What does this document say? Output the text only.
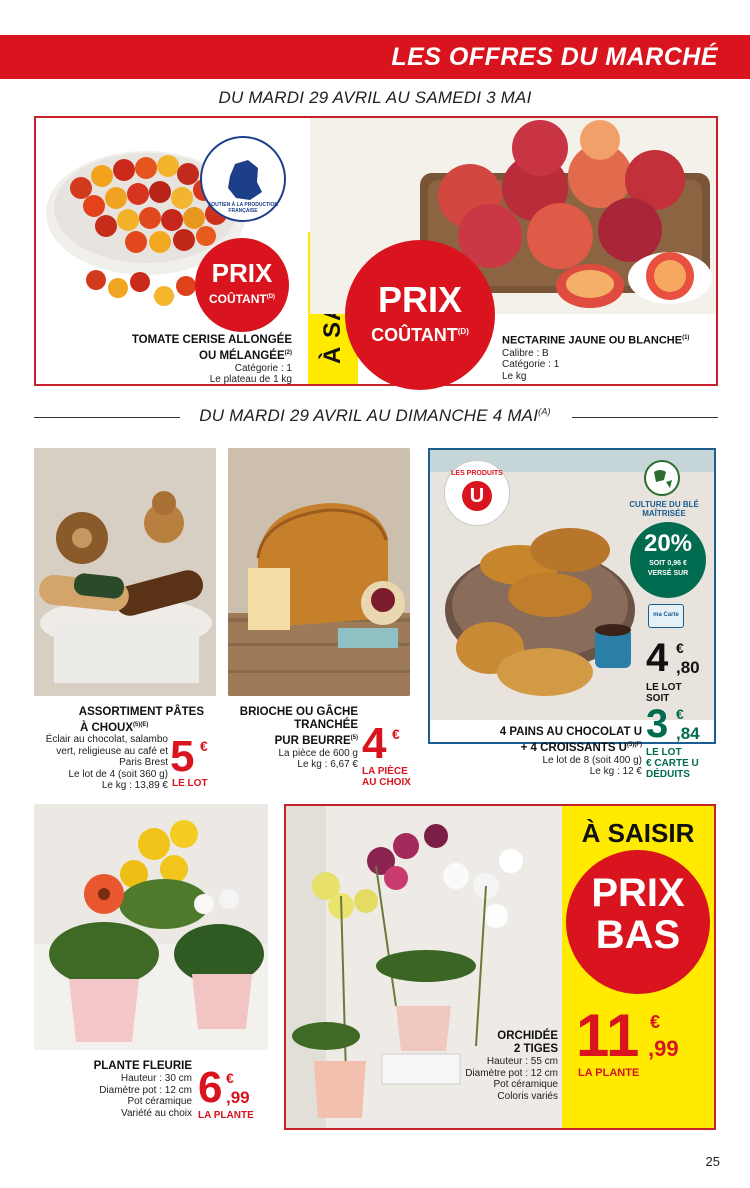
LES OFFRES DU MARCHÉ
DU MARDI 29 AVRIL AU SAMEDI 3 MAI
SOUTIEN À LA PRODUCTION FRANÇAISE
PRIX
$COÛTANT^{(D)}$
TOMATE CERISE ALLONGÉE
OU MÉLANGÉE$^{(2)}$
Catégorie : 1
Le plateau de 1 kg
PRIX
$COÛTANT^{(D)}$
NECTARINE JAUNE OU BLANCHE$^{(1)}$
Calibre : B
Catégorie : 1
Le kg
DU MARDI 29 AVRIL AU DIMANCHE 4 $MAI^{(A)}$
ASSORTIMENT PÂTES
À $CHOUX^{(5)(E)}$
Éclair au chocolat, salambo
vert, religieuse au café et
Paris Brest
Le lot de 4 (soit 360 g)
Le kg : 13,89 €
5 €
LE LOT
BRIOCHE OU GÂCHE
TRANCHÉE
PUR BEURRE$^{(5)}$
La pièce de 600 g
Le kg : 6,67 € 4 €
LA PIÈCE
AU CHOIX
LES PRODUITS
U	CULTURE DU BLÉ
MAÎTRISÉE
20%
SOIT 0,96 €
VERSÉ SUR
ma Carte
4 €
,80
LE LOT
SOIT
3 €
,84
LE LOT
€ CARTE U
DÉDUITS
4 PAINS AU CHOCOLAT U
+ 4 CROISSANTS $U^{(5)(F)}$
Le lot de 8 (soit 400 g)
Le kg : 12 €
PLANTE FLEURIE
Hauteur : 30 cm
Diamètre pot : 12 cm
Pot céramique
Variété au choix
6 €
,99
LA PLANTE
À SAISIR
PRIX
BAS
11 €
,99
LA PLANTE
ORCHIDÉE
2 TIGES
Hauteur : 55 cm
Diamètre pot : 12 cm
Pot céramique
Coloris variés
25
